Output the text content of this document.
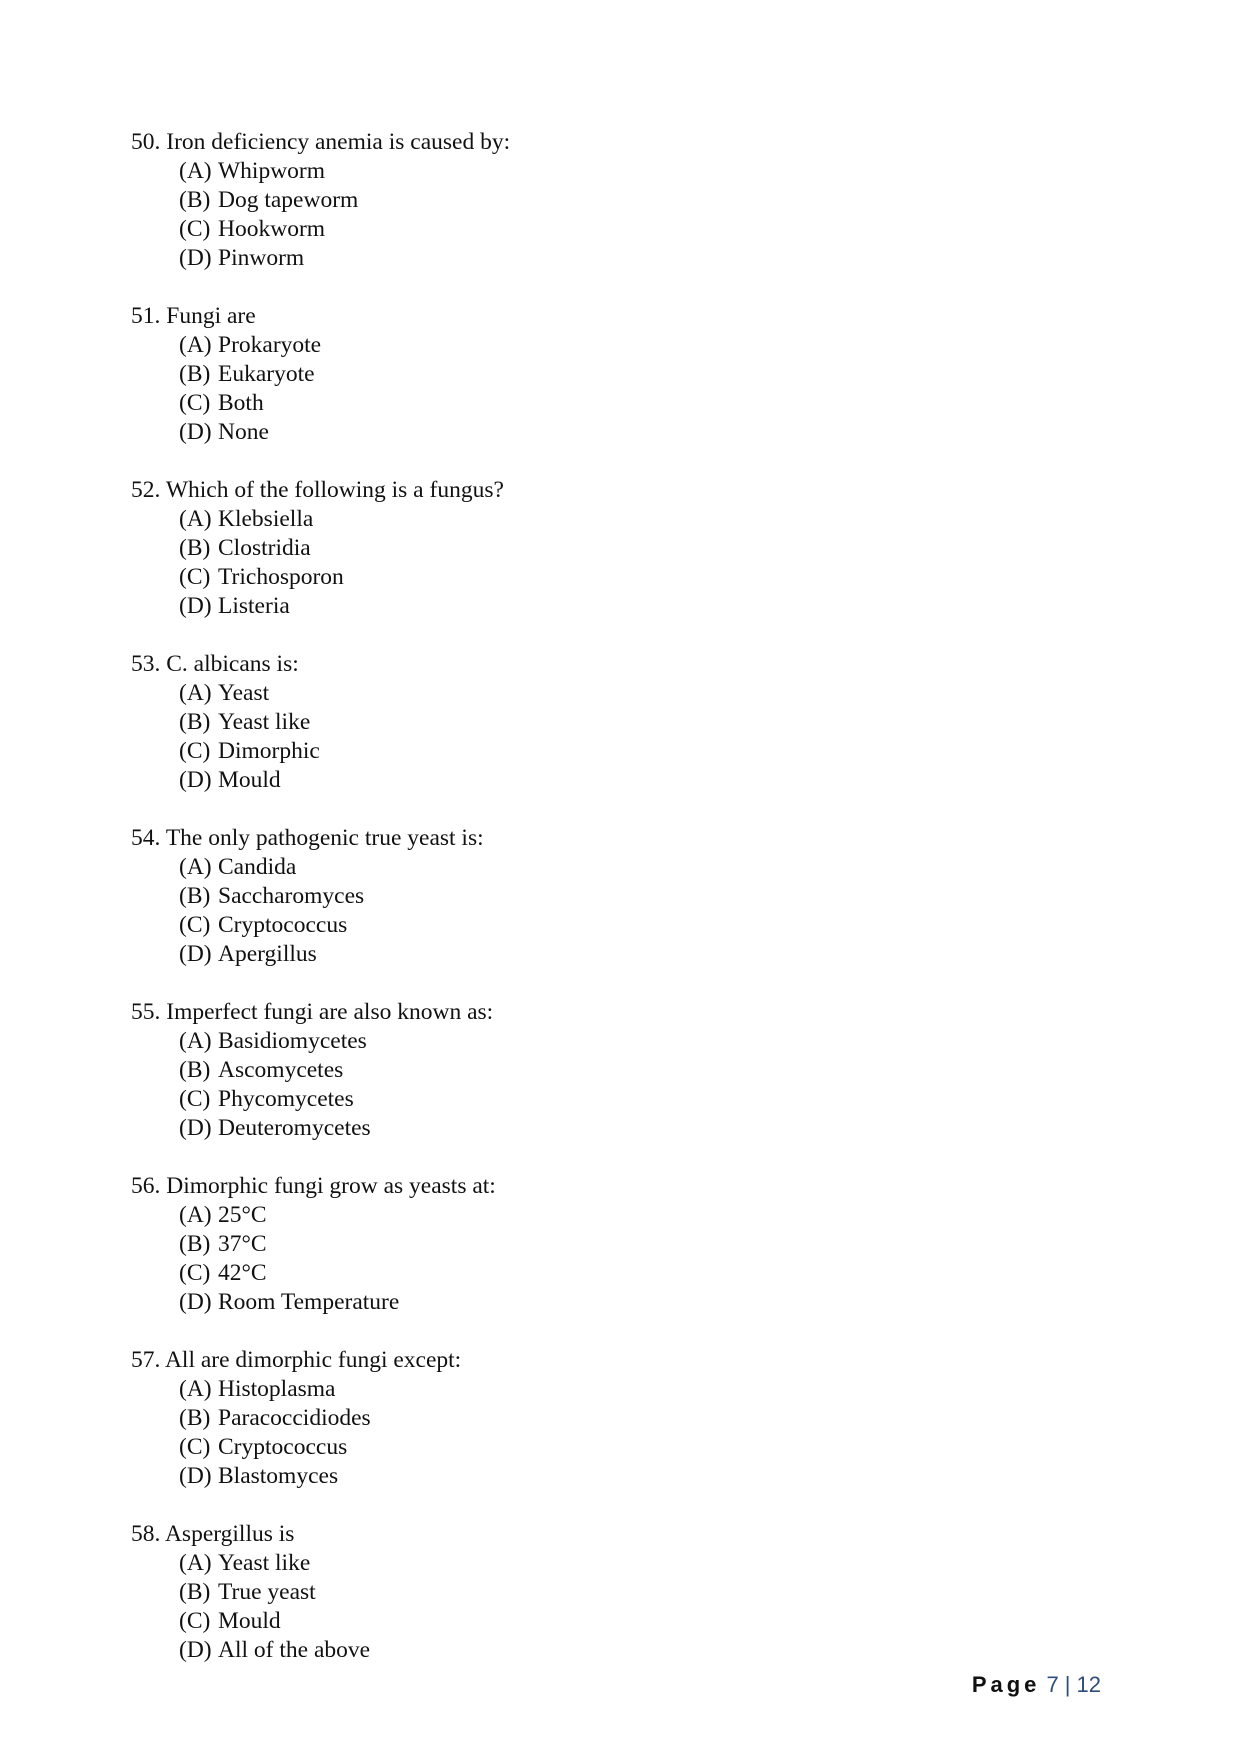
50. Iron deficiency anemia is caused by:
(A) Whipworm
(B) Dog tapeworm
(C) Hookworm
(D) Pinworm
51. Fungi are
(A) Prokaryote
(B) Eukaryote
(C) Both
(D) None
52. Which of the following is a fungus?
(A) Klebsiella
(B) Clostridia
(C) Trichosporon
(D) Listeria
53. C. albicans is:
(A) Yeast
(B) Yeast like
(C) Dimorphic
(D) Mould
54. The only pathogenic true yeast is:
(A) Candida
(B) Saccharomyces
(C) Cryptococcus
(D) Apergillus
55. Imperfect fungi are also known as:
(A) Basidiomycetes
(B) Ascomycetes
(C) Phycomycetes
(D) Deuteromycetes
56. Dimorphic fungi grow as yeasts at:
(A) 25°C
(B) 37°C
(C) 42°C
(D) Room Temperature
57. All are dimorphic fungi except:
(A) Histoplasma
(B) Paracoccidiodes
(C) Cryptococcus
(D) Blastomyces
58. Aspergillus is
(A) Yeast like
(B) True yeast
(C) Mould
(D) All of the above
Page 7 | 12
